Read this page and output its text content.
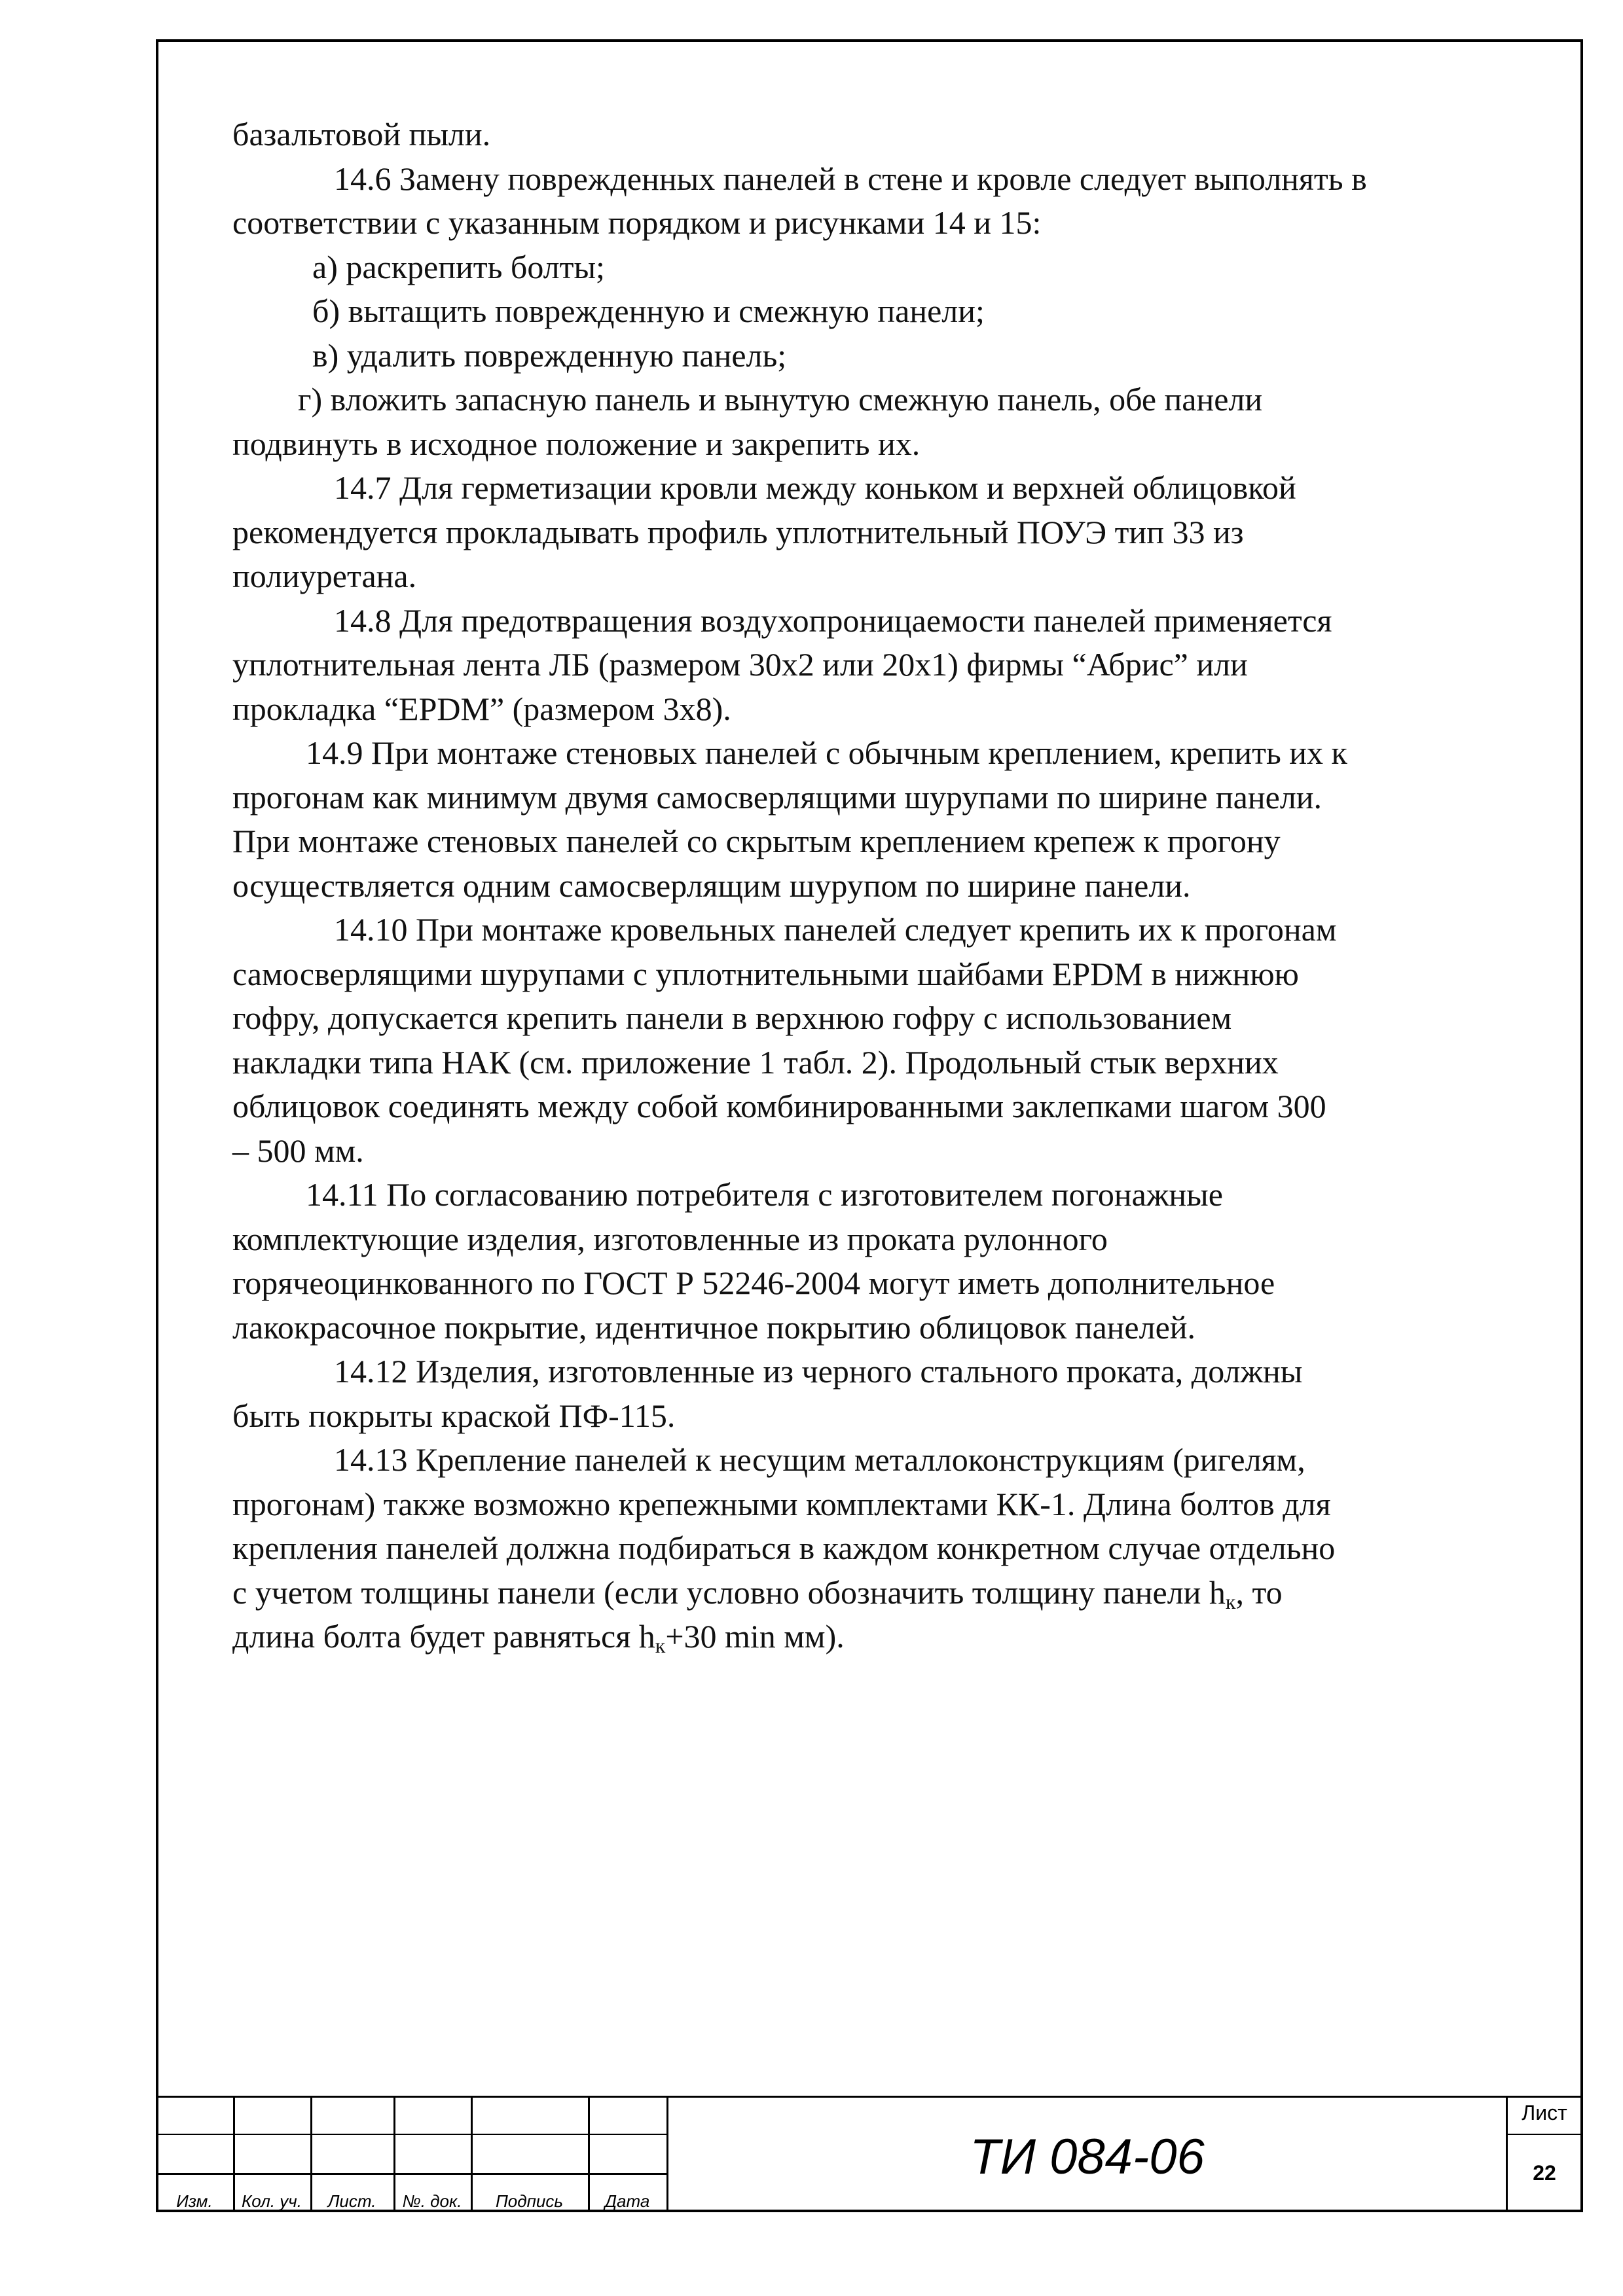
базальтовой пыли.

14.6 Замену поврежденных панелей в стене и кровле следует выполнять в

соответствии с указанным порядком и рисунками 14 и 15:

а) раскрепить болты;

б) вытащить поврежденную и смежную панели;

в) удалить поврежденную панель;

г) вложить запасную панель и вынутую смежную панель, обе панели

подвинуть в исходное положение и закрепить их.

14.7 Для герметизации кровли между коньком и верхней облицовкой

рекомендуется прокладывать профиль уплотнительный ПОУЭ тип 33 из

полиуретана.

14.8 Для предотвращения воздухопроницаемости панелей применяется

уплотнительная лента ЛБ (размером 30х2 или 20х1) фирмы “Абрис” или

прокладка “EPDM” (размером 3х8).

14.9 При монтаже стеновых панелей с обычным креплением, крепить их к

прогонам как минимум двумя самосверлящими шурупами по ширине панели.

При монтаже стеновых панелей со скрытым креплением крепеж к прогону

осуществляется одним самосверлящим шурупом по ширине панели.

14.10 При монтаже кровельных панелей следует крепить их к прогонам

самосверлящими шурупами с уплотнительными шайбами EPDM в нижнюю

гофру, допускается крепить панели в верхнюю гофру с использованием

накладки типа НАК (см. приложение 1 табл. 2). Продольный стык верхних

облицовок соединять между собой комбинированными заклепками шагом 300

– 500 мм.

14.11 По согласованию потребителя с изготовителем погонажные

комплектующие изделия, изготовленные из проката рулонного

горячеоцинкованного по ГОСТ Р 52246-2004 могут иметь дополнительное

лакокрасочное покрытие, идентичное покрытию облицовок панелей.

14.12 Изделия, изготовленные из черного стального проката, должны

быть покрыты краской ПФ-115.

14.13 Крепление панелей к несущим металлоконструкциям (ригелям,

прогонам) также возможно крепежными комплектами КК-1. Длина болтов для

крепления панелей должна подбираться в каждом конкретном случае отдельно

с учетом толщины панели (если условно обозначить толщину панели $h_к$, то

длина болта будет равняться $h_к+30$ min мм).

Изм.	Кол. уч.	Лист.	№. док.	Подпись	Дата
ТИ 084-06
Лист
22
